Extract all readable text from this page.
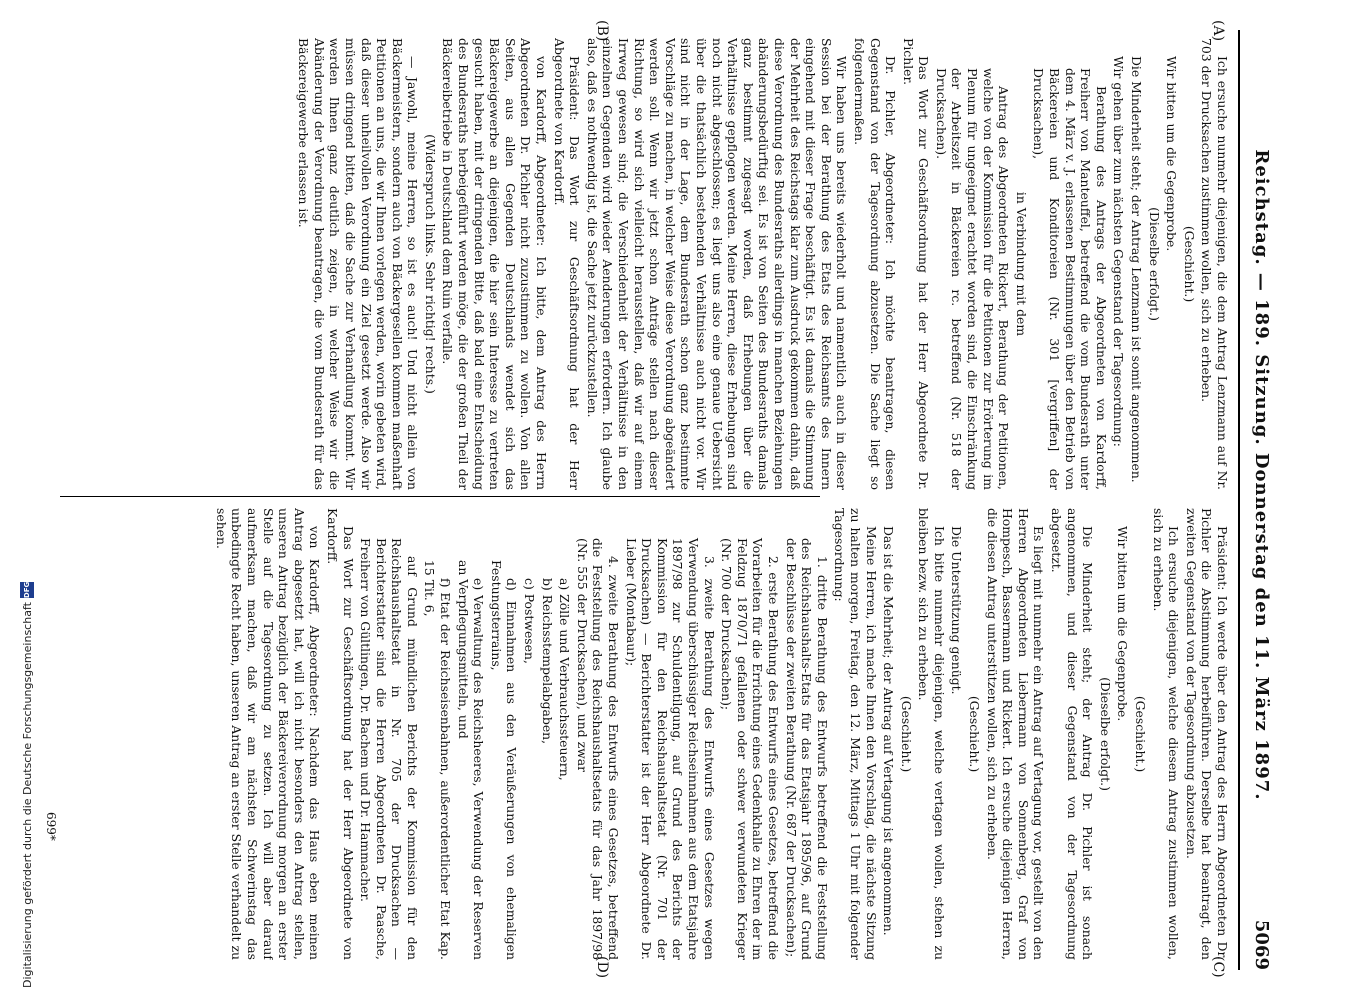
Reichstag. — 189. Sitzung. Donnerstag den 11. März 1897.
5069
(A)
(B)
(C)
(D)

Ich ersuche nunmehr diejenigen, die dem Antrag Lenzmann auf Nr. 703 der Drucksachen zustimmen wollen, sich zu erheben.

(Geschieht.)

Wir bitten um die Gegenprobe.

(Dieselbe erfolgt.)

Die Minderheit steht; der Antrag Lenzmann ist somit angenommen.

Wir gehen über zum nächsten Gegenstand der Tagesordnung:

Berathung des Antrags der Abgeordneten von Kardorff, Freiherr von Manteuffel, betreffend die vom Bundesrath unter dem 4. März v. J. erlassenen Bestimmungen über den Betrieb von Bäckereien und Konditoreien (Nr. 301 [vergriffen] der Drucksachen),

in Verbindung mit dem

Antrag des Abgeordneten Rickert, Berathung der Petitionen, welche von der Kommission für die Petitionen zur Erörterung im Plenum für ungeeignet erachtet worden sind, die Einschränkung der Arbeitszeit in Bäckereien rc. betreffend (Nr. 518 der Drucksachen).

Das Wort zur Geschäftsordnung hat der Herr Abgeordnete Dr. Pichler.

Dr. Pichler, Abgeordneter: Ich möchte beantragen, diesen Gegenstand von der Tagesordnung abzusetzen. Die Sache liegt so folgendermaßen.

Wir haben uns bereits wiederholt und namentlich auch in dieser Session bei der Berathung des Etats des Reichsamts des Innern eingehend mit dieser Frage beschäftigt. Es ist damals die Stimmung der Mehrheit des Reichstags klar zum Ausdruck gekommen dahin, daß diese Verordnung des Bundesraths allerdings in manchen Beziehungen abänderungsbedürftig sei. Es ist von Seiten des Bundesraths damals ganz bestimmt zugesagt worden, daß Erhebungen über die Verhältnisse gepflogen werden. Meine Herren, diese Erhebungen sind noch nicht abgeschlossen; es liegt uns also eine genaue Uebersicht über die thatsächlich bestehenden Verhältnisse auch nicht vor. Wir sind nicht in der Lage, dem Bundesrath schon ganz bestimmte Vorschläge zu machen, in welcher Weise diese Verordnung abgeändert werden soll. Wenn wir jetzt schon Anträge stellen nach dieser Richtung, so wird sich vielleicht herausstellen, daß wir auf einem Irrweg gewesen sind; die Verschiedenheit der Verhältnisse in den einzelnen Gegenden wird wieder Aenderungen erfordern. Ich glaube also, daß es nothwendig ist, die Sache jetzt zurückzustellen.

Präsident: Das Wort zur Geschäftsordnung hat der Herr Abgeordnete von Kardorff.

von Kardorff, Abgeordneter: Ich bitte, dem Antrag des Herrn Abgeordneten Dr. Pichler nicht zuzustimmen zu wollen. Von allen Seiten, aus allen Gegenden Deutschlands wendet sich das Bäckereigewerbe an diejenigen, die hier sein Interesse zu vertreten gesucht haben, mit der dringenden Bitte, daß bald eine Entscheidung des Bundesraths herbeigeführt werden möge, die der großen Theil der Bäckereibetriebe in Deutschland dem Ruin verfalle.

(Widerspruch links. Sehr richtig! rechts.)

— Jawohl, meine Herren, so ist es auch! Und nicht allein von Bäckermeistern, sondern auch von Bäckergesellen kommen maßenhaft Petitionen an uns, die wir Ihnen vorlegen werden, worin gebeten wird, daß dieser unheilvollen Verordnung ein Ziel gesetzt werde. Also wir müssen dringend bitten, daß die Sache zur Verhandlung kommt. Wir werden Ihnen ganz deutlich zeigen, in welcher Weise wir die Abänderung der Verordnung beantragen, die vom Bundesrath für das Bäckereigewerbe erlassen ist.

Präsident: Ich werde über den Antrag des Herrn Abgeordneten Dr. Pichler die Abstimmung herbeiführen. Derselbe hat beantragt, den zweiten Gegenstand von der Tagesordnung abzusetzen.

Ich ersuche diejenigen, welche diesem Antrag zustimmen wollen, sich zu erheben.

(Geschieht.)

Wir bitten um die Gegenprobe.

(Dieselbe erfolgt.)

Die Minderheit steht; der Antrag Dr. Pichler ist sonach angenommen, und dieser Gegenstand von der Tagesordnung abgesetzt.

Es liegt mit nunmehr ein Antrag auf Vertagung vor, gestellt von den Herren Abgeordneten Liebermann von Sonnenberg, Graf von Hompesch, Bassermann und Rickert. Ich ersuche diejenigen Herren, die diesen Antrag unterstützen wollen, sich zu erheben.

(Geschieht.)

Die Unterstützung genügt.

Ich bitte nunmehr diejenigen, welche vertagen wollen, stehen zu bleiben bezw. sich zu erheben.

(Geschieht.)

Das ist die Mehrheit; der Antrag auf Vertagung ist angenommen.

Meine Herren, ich mache Ihnen den Vorschlag, die nächste Sitzung zu halten morgen, Freitag, den 12. März, Mittags 1 Uhr mit folgender Tagesordnung:

1. dritte Berathung des Entwurfs betreffend die Feststellung des Reichshaushalts-Etats für das Etatsjahr 1895/96, auf Grund der Beschlüsse der zweiten Berathung (Nr. 687 der Drucksachen);

2. erste Berathung des Entwurfs eines Gesetzes, betreffend die Vorarbeiten für die Errichtung eines Gedenkhalle zu Ehren der im Feldzug 1870/71 gefallenen oder schwer verwundeten Krieger (Nr. 700 der Drucksachen);

3. zweite Berathung des Entwurfs eines Gesetzes wegen Verwendung überschüssiger Reichseinnahmen aus dem Etatsjahre 1897/98 zur Schuldentilgung, auf Grund des Berichts der Kommission für den Reichshaushaltsetat (Nr. 701 der Drucksachen) — Berichterstatter ist der Herr Abgeordnete Dr. Lieber (Montabaur);

4. zweite Berathung des Entwurfs eines Gesetzes, betreffend die Feststellung des Reichshaushaltsetats für das Jahr 1897/98 (Nr. 555 der Drucksachen), und zwar

a) Zölle und Verbrauchssteuern,

b) Reichsstempelabgaben,

c) Postwesen,

d) Einnahmen aus den Veräußerungen von ehemaligen Festungsterrains,

e) Verwaltung des Reichsheeres, Verwendung der Reserven an Verpflegungsmitteln, und

f) Etat der Reichseisenbahnen, außerordentlicher Etat Kap. 15 Tit. 6,

auf Grund mündlichen Berichts der Kommission für den Reichshaushaltsetat in Nr. 705 der Drucksachen — Berichterstatter sind die Herren Abgeordneten Dr. Paasche, Freiherr von Gültlingen, Dr. Bachem und Dr. Hammacher.

Das Wort zur Geschäftsordnung hat der Herr Abgeordnete von Kardorff.

von Kardorff, Abgeordneter: Nachdem das Haus eben meinen Antrag abgesetzt hat, will ich nicht besonders den Antrag stellen, unseren Antrag bezüglich der Bäckereiverordnung morgen an erster Stelle auf die Tagesordnung zu setzen. Ich will aber darauf aufmerksam machen, daß wir am nächsten Schwerinstag das unbedingte Recht haben, unseren Antrag an erster Stelle verhandelt zu sehen.

699*
Digitalisierung gefördert durch die Deutsche Forschungsgemeinschaft
DFG
